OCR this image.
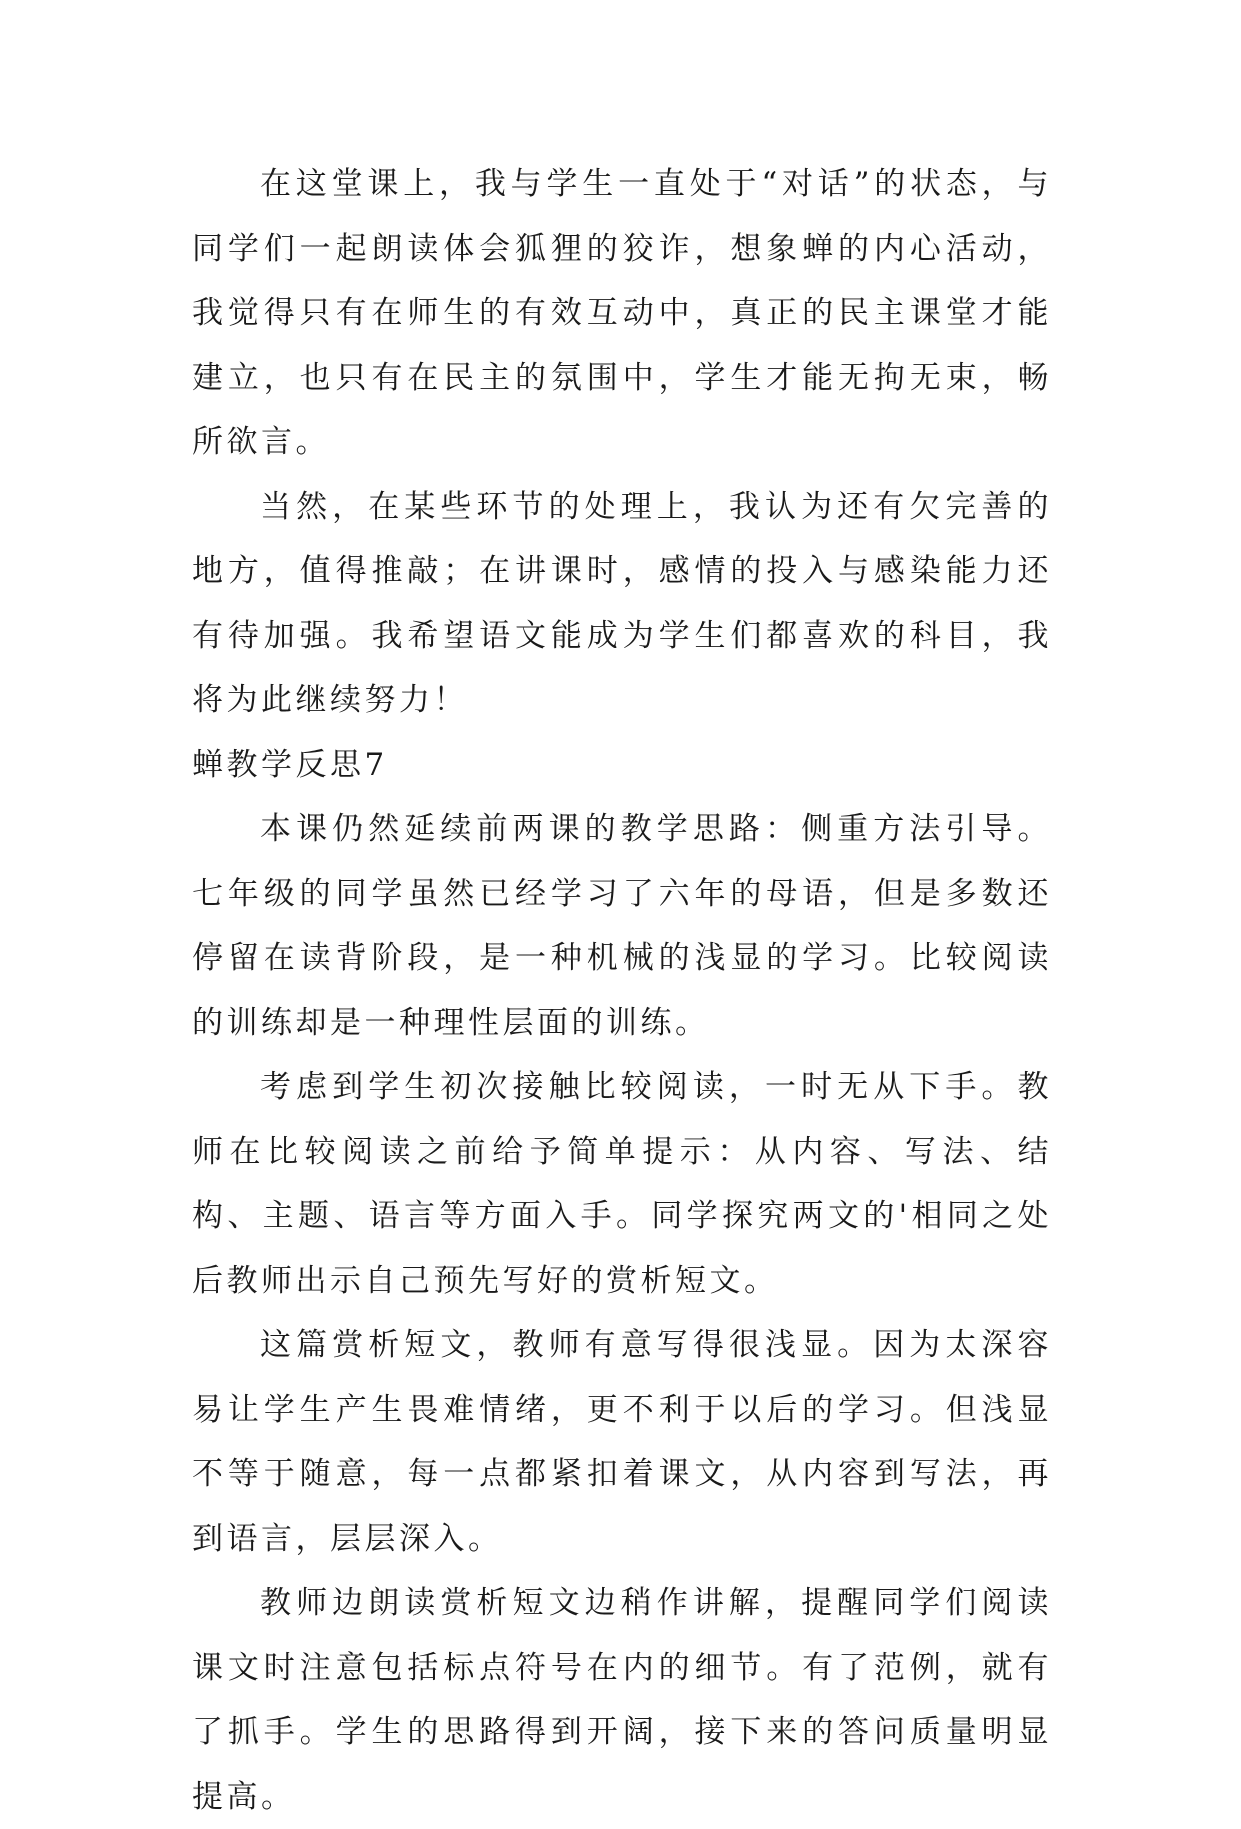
在这堂课上，我与学生一直处于“对话”的状态，与同学们一起朗读体会狐狸的狡诈，想象蝉的内心活动，我觉得只有在师生的有效互动中，真正的民主课堂才能建立，也只有在民主的氛围中，学生才能无拘无束，畅所欲言。

当然，在某些环节的处理上，我认为还有欠完善的地方，值得推敲；在讲课时，感情的投入与感染能力还有待加强。我希望语文能成为学生们都喜欢的科目，我将为此继续努力！

蝉教学反思7

本课仍然延续前两课的教学思路：侧重方法引导。七年级的同学虽然已经学习了六年的母语，但是多数还停留在读背阶段，是一种机械的浅显的学习。比较阅读的训练却是一种理性层面的训练。

考虑到学生初次接触比较阅读，一时无从下手。教师在比较阅读之前给予简单提示：从内容、写法、结构、主题、语言等方面入手。同学探究两文的'相同之处后教师出示自己预先写好的赏析短文。

这篇赏析短文，教师有意写得很浅显。因为太深容易让学生产生畏难情绪，更不利于以后的学习。但浅显不等于随意，每一点都紧扣着课文，从内容到写法，再到语言，层层深入。

教师边朗读赏析短文边稍作讲解，提醒同学们阅读课文时注意包括标点符号在内的细节。有了范例，就有了抓手。学生的思路得到开阔，接下来的答问质量明显提高。
